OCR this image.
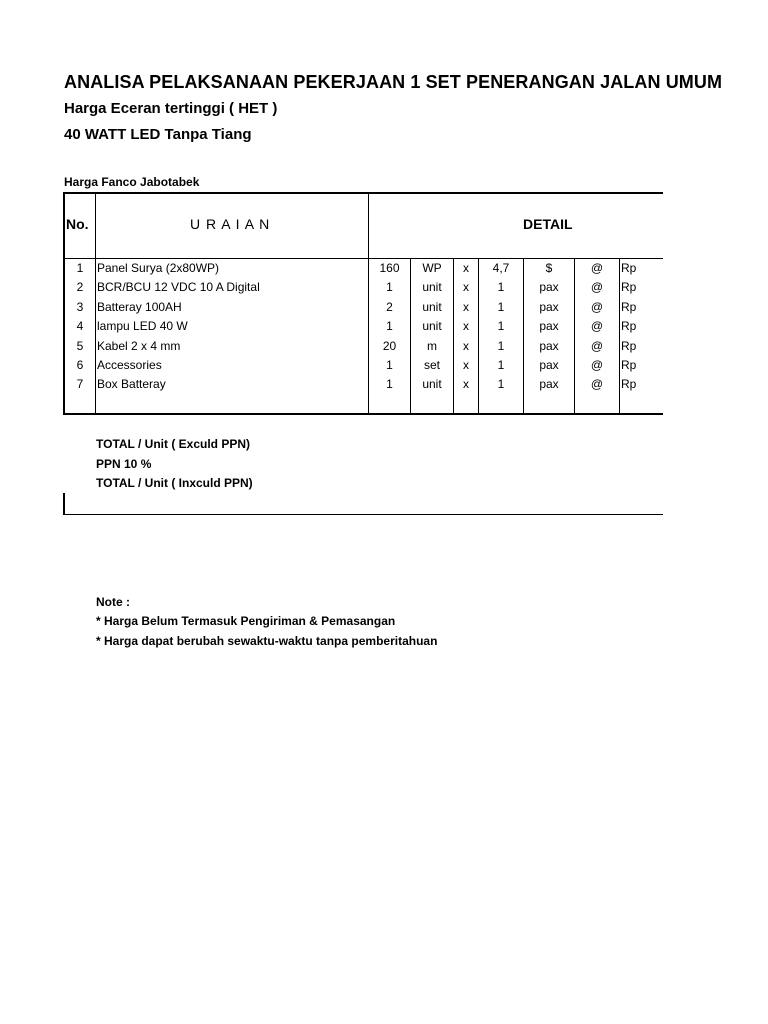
ANALISA PELAKSANAAN PEKERJAAN 1 SET PENERANGAN JALAN UMUM
Harga Eceran tertinggi ( HET )
40 WATT LED Tanpa Tiang
Harga Fanco Jabotabek
No.	U R A I A N	DETAIL
1	Panel Surya (2x80WP)	160	WP	x	4,7	$	@	Rp
2	BCR/BCU 12 VDC 10 A Digital	1	unit	x	1	pax	@	Rp
3	Batteray 100AH	2	unit	x	1	pax	@	Rp
4	lampu LED 40 W	1	unit	x	1	pax	@	Rp
5	Kabel 2 x 4 mm	20	m	x	1	pax	@	Rp
6	Accessories	1	set	x	1	pax	@	Rp
7	Box Batteray	1	unit	x	1	pax	@	Rp
TOTAL / Unit ( Exculd PPN)
PPN 10 %
TOTAL / Unit ( Inxculd PPN)
Note :
* Harga Belum Termasuk Pengiriman & Pemasangan
* Harga dapat berubah sewaktu-waktu tanpa pemberitahuan
